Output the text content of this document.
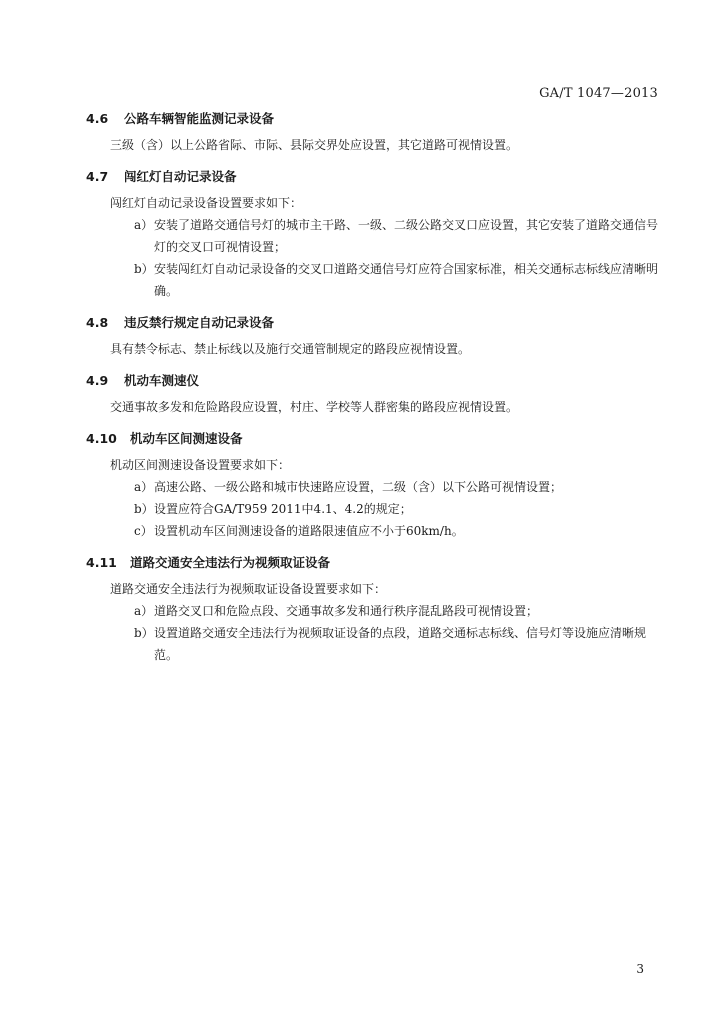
GA/T 1047—2013
4.6 公路车辆智能监测记录设备

三级（含）以上公路省际、市际、县际交界处应设置，其它道路可视情设置。

4.7 闯红灯自动记录设备

闯红灯自动记录设备设置要求如下：

a）安装了道路交通信号灯的城市主干路、一级、二级公路交叉口应设置，其它安装了道路交通信号灯的交叉口可视情设置；
b）安装闯红灯自动记录设备的交叉口道路交通信号灯应符合国家标准，相关交通标志标线应清晰明确。
4.8 违反禁行规定自动记录设备

具有禁令标志、禁止标线以及施行交通管制规定的路段应视情设置。

4.9 机动车测速仪

交通事故多发和危险路段应设置，村庄、学校等人群密集的路段应视情设置。

4.10 机动车区间测速设备

机动区间测速设备设置要求如下：

a）高速公路、一级公路和城市快速路应设置，二级（含）以下公路可视情设置；
b）设置应符合GA/T959 2011中4.1、4.2的规定；
c）设置机动车区间测速设备的道路限速值应不小于60km/h。
4.11 道路交通安全违法行为视频取证设备

道路交通安全违法行为视频取证设备设置要求如下：

a）道路交叉口和危险点段、交通事故多发和通行秩序混乱路段可视情设置；
b）设置道路交通安全违法行为视频取证设备的点段，道路交通标志标线、信号灯等设施应清晰规范。
3
